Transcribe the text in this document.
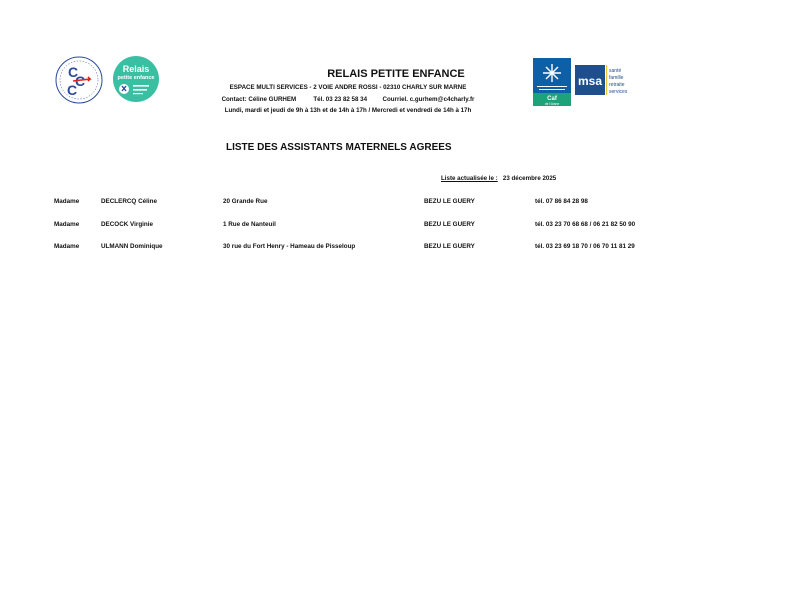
C
C
C
Relais
petite enfance
Caf
de l'Aisne
msa
santé
famille
retraite
services
RELAIS PETITE ENFANCE
ESPACE MULTI SERVICES - 2 VOIE ANDRE ROSSI - 02310 CHARLY SUR MARNE
Contact: Céline GURHEM	Tél. 03 23 82 58 34 Courriel. c.gurhem@c4charly.fr
Lundi, mardi et jeudi de 9h à 13h et de 14h à 17h / Mercredi et vendredi de 14h à 17h
LISTE DES ASSISTANTS MATERNELS AGREES
Liste actualisée le : 23 décembre 2025
Madame	DECLERCQ Céline	20 Grande Rue	BEZU LE GUERY	tél. 07 86 84 28 98
Madame	DECOCK Virginie	1 Rue de Nanteuil	BEZU LE GUERY	tél. 03 23 70 68 68 / 06 21 82 50 90
Madame	ULMANN Dominique	30 rue du Fort Henry - Hameau de Pisseloup	BEZU LE GUERY	tél. 03 23 69 18 70 / 06 70 11 81 29
